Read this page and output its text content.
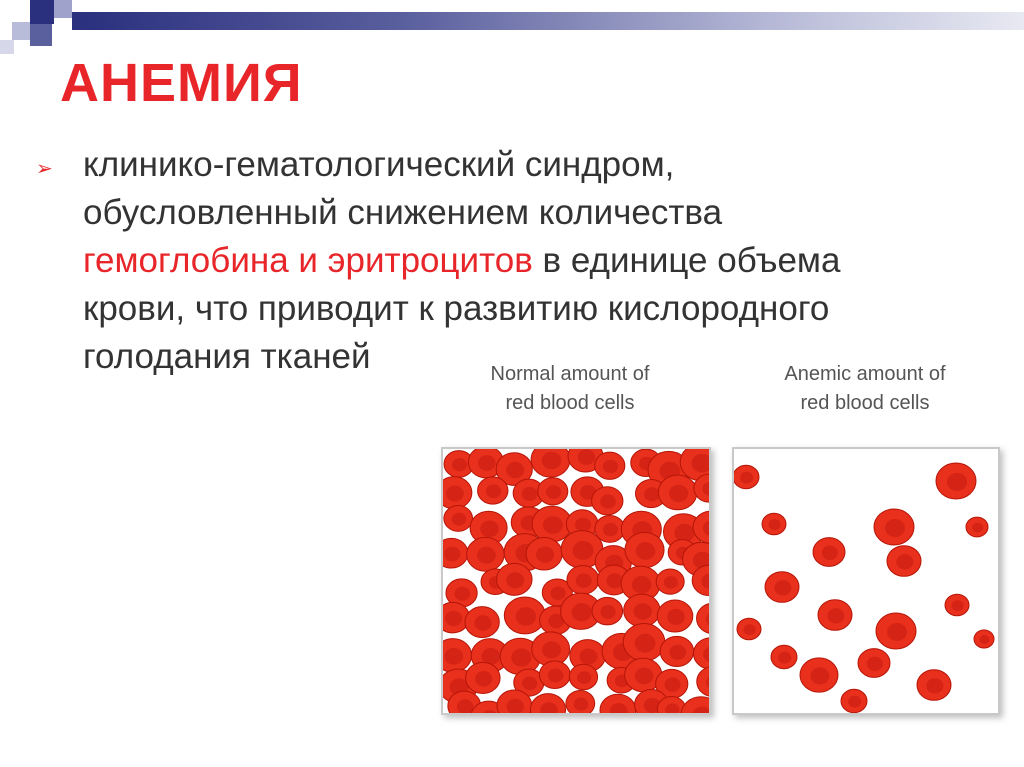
АНЕМИЯ
➢ клинико-гематологический синдром,
обусловленный снижением количества
гемоглобина и эритроцитов в единице объема
крови, что приводит к развитию кислородного
голодания тканей	Normal amount of
red blood cells
Anemic amount of
red blood cells
